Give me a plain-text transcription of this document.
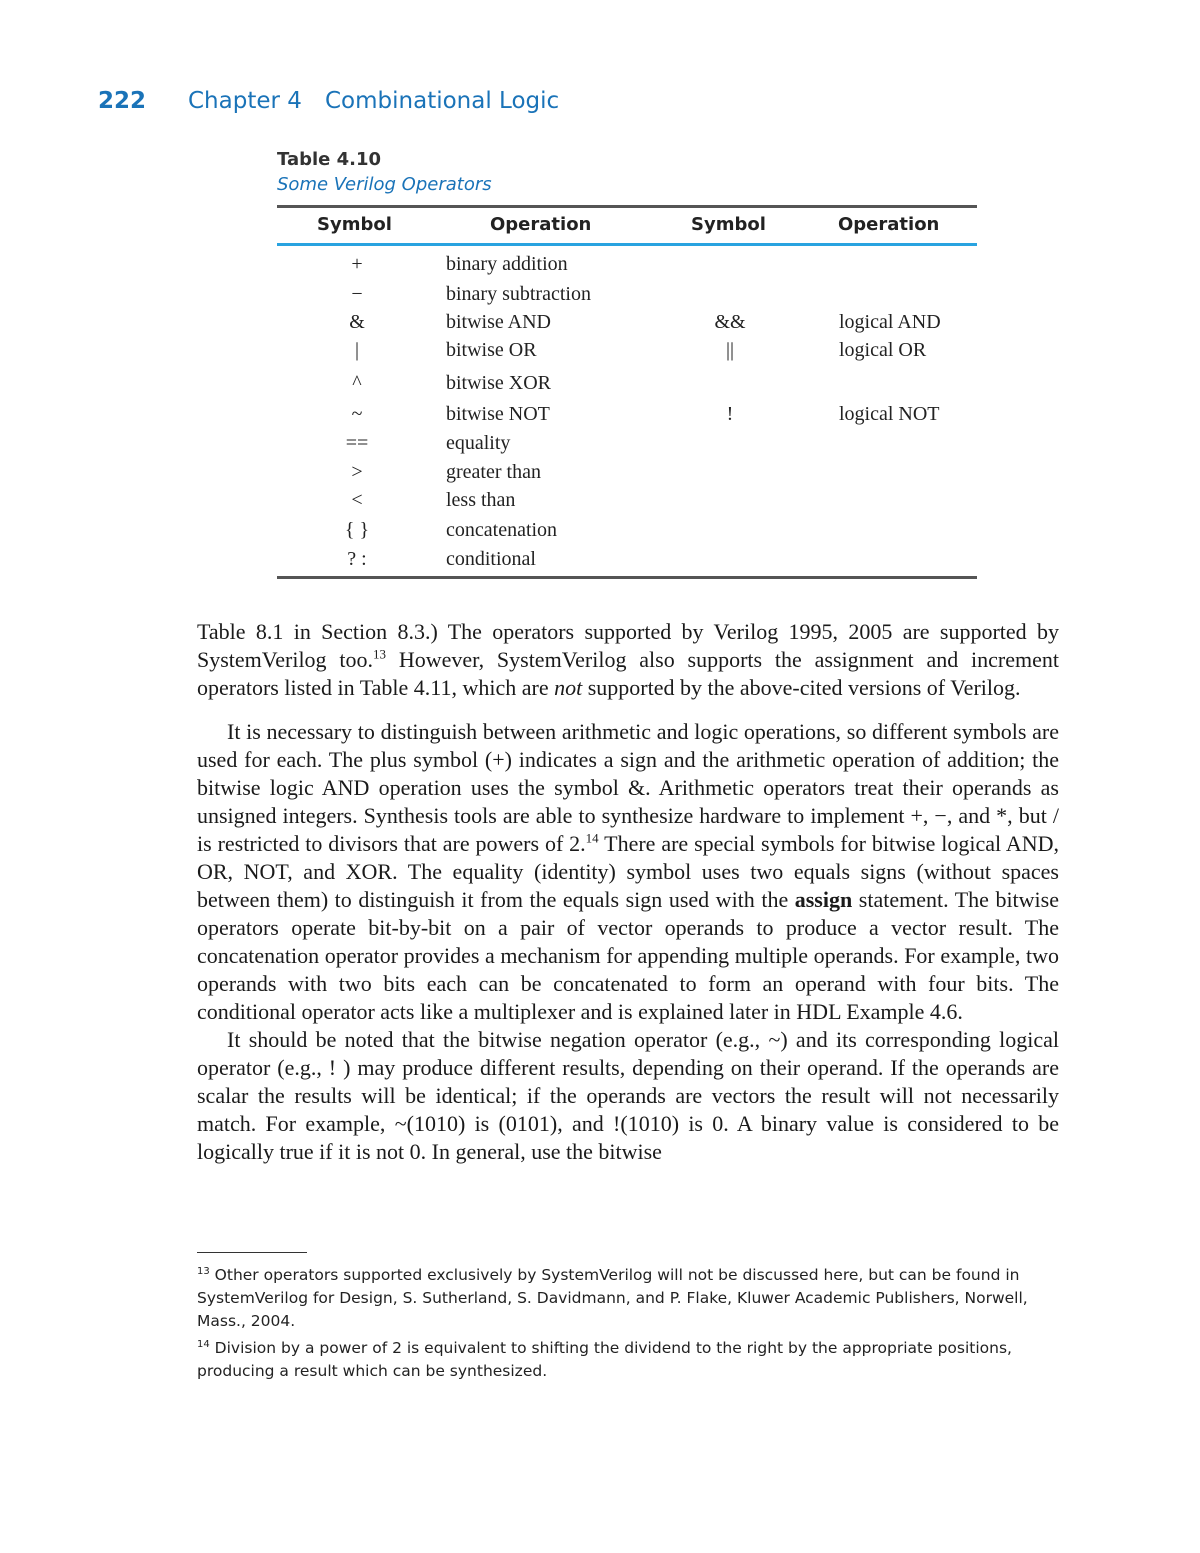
222 Chapter 4 Combinational Logic
Table 4.10
Some Verilog Operators
Symbol	Operation	Symbol	Operation
+	binary addition
−	binary subtraction
&	bitwise AND	&&	logical AND
|	bitwise OR	||	logical OR
^	bitwise XOR
~	bitwise NOT	!	logical NOT
==	equality
>	greater than
<	less than
{ }	concatenation
? :	conditional

Table 8.1 in Section 8.3.) The operators supported by Verilog 1995, 2005 are supported by SystemVerilog too.$^{13}$ However, SystemVerilog also supports the assignment and increment operators listed in Table 4.11, which are not supported by the above-cited versions of Verilog.

It is necessary to distinguish between arithmetic and logic operations, so different symbols are used for each. The plus symbol (+) indicates a sign and the arithmetic operation of addition; the bitwise logic AND operation uses the symbol &. Arithmetic operators treat their operands as unsigned integers. Synthesis tools are able to synthesize hardware to implement +, −, and *, but / is restricted to divisors that are powers of 2.14 There are special symbols for bitwise logical AND, OR, NOT, and XOR. The equality (identity) symbol uses two equals signs (without spaces between them) to distinguish it from the equals sign used with the assign statement. The bitwise operators operate bit-by-bit on a pair of vector operands to produce a vector result. The concatenation operator provides a mechanism for appending multiple operands. For example, two operands with two bits each can be concatenated to form an operand with four bits. The conditional operator acts like a multiplexer and is explained later in HDL Example 4.6.

It should be noted that the bitwise negation operator (e.g., ~) and its corresponding logical operator (e.g., ! ) may produce different results, depending on their operand. If the operands are scalar the results will be identical; if the operands are vectors the result will not necessarily match. For example, ~(1010) is (0101), and !(1010) is 0. A binary value is considered to be logically true if it is not 0. In general, use the bitwise

$^{13}$ Other operators supported exclusively by SystemVerilog will not be discussed here, but can be found in SystemVerilog for Design, S. Sutherland, S. Davidmann, and P. Flake, Kluwer Academic Publishers, Norwell, Mass., 2004.

$^{14}$ Division by a power of 2 is equivalent to shifting the dividend to the right by the appropriate positions, producing a result which can be synthesized.
